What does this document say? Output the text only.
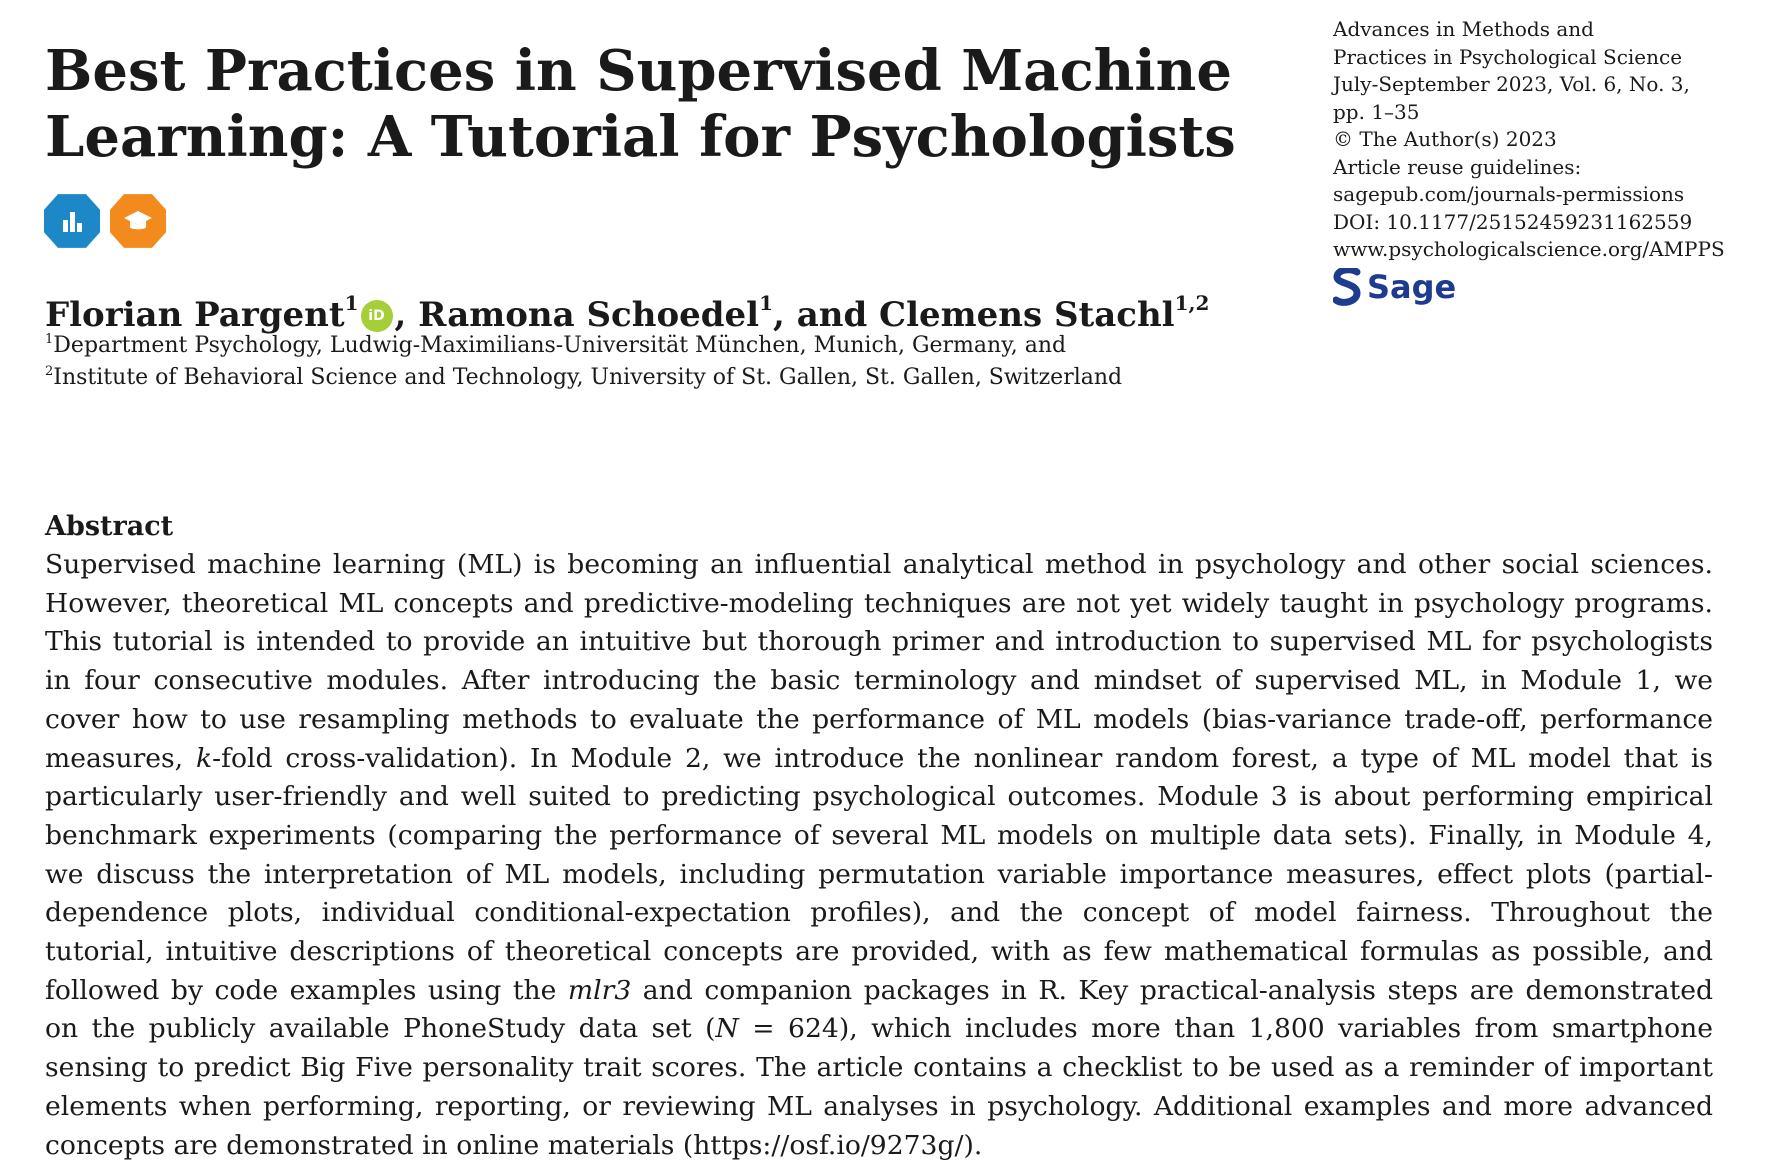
Best Practices in Supervised Machine
Learning: A Tutorial for Psychologists
Florian Pargent$^1$iD , Ramona Schoedel$^1$, and Clemens Stachl$^{1,2}$
$^1$Department Psychology, Ludwig-Maximilians-Universität München, Munich, Germany, and
$^2$Institute of Behavioral Science and Technology, University of St. Gallen, St. Gallen, Switzerland
Advances in Methods and
Practices in Psychological Science
July-September 2023, Vol. 6, No. 3,
pp. 1–35
© The Author(s) 2023
Article reuse guidelines:
sagepub.com/journals-permissions
DOI: 10.1177/25152459231162559
www.psychologicalscience.org/AMPPS
Sage
Abstract
Supervised machine learning (ML) is becoming an influential analytical method in psychology and other social sciences.
However, theoretical ML concepts and predictive-modeling techniques are not yet widely taught in psychology programs.
This tutorial is intended to provide an intuitive but thorough primer and introduction to supervised ML for psychologists
in four consecutive modules. After introducing the basic terminology and mindset of supervised ML, in Module 1, we
cover how to use resampling methods to evaluate the performance of ML models (bias-variance trade-off, performance
measures, k-fold cross-validation). In Module 2, we introduce the nonlinear random forest, a type of ML model that is
particularly user-friendly and well suited to predicting psychological outcomes. Module 3 is about performing empirical
benchmark experiments (comparing the performance of several ML models on multiple data sets). Finally, in Module 4,
we discuss the interpretation of ML models, including permutation variable importance measures, effect plots (partial-
dependence plots, individual conditional-expectation profiles), and the concept of model fairness. Throughout the
tutorial, intuitive descriptions of theoretical concepts are provided, with as few mathematical formulas as possible, and
followed by code examples using the mlr3 and companion packages in R. Key practical-analysis steps are demonstrated
on the publicly available PhoneStudy data set (N = 624), which includes more than 1,800 variables from smartphone
sensing to predict Big Five personality trait scores. The article contains a checklist to be used as a reminder of important
elements when performing, reporting, or reviewing ML analyses in psychology. Additional examples and more advanced
concepts are demonstrated in online materials (https://osf.io/9273g/).
